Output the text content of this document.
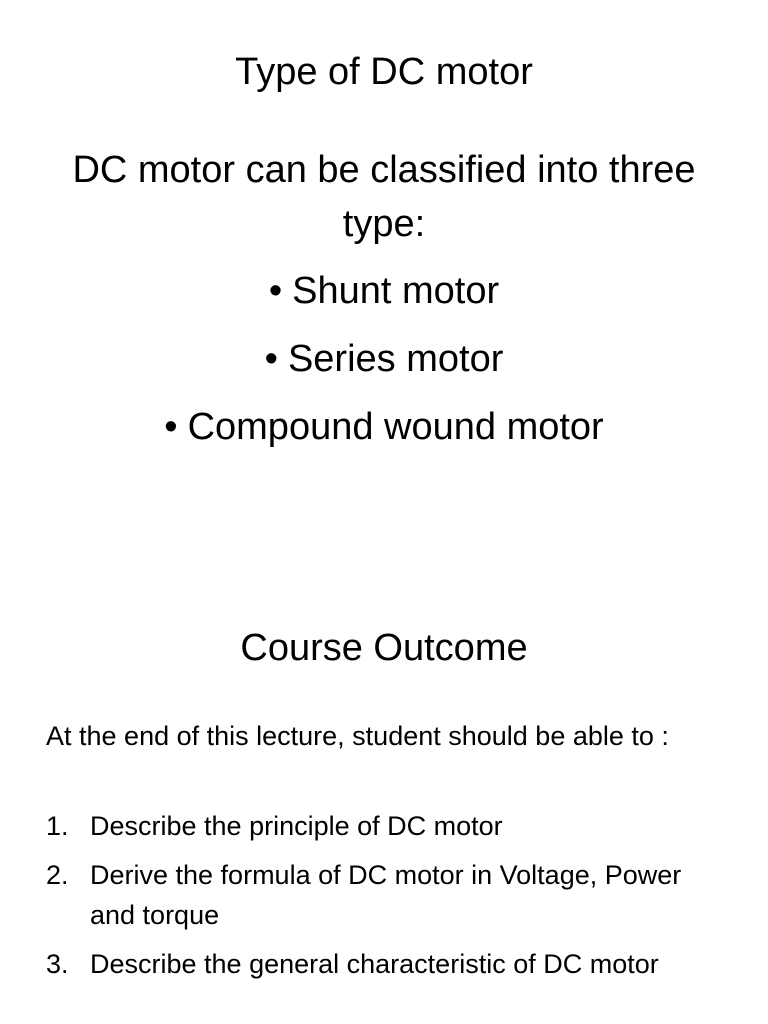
Type of DC motor
DC motor can be classified into three type:
• Shunt motor
• Series motor
• Compound wound motor
Course Outcome
At the end of this lecture, student should be able to :
1. Describe the principle of DC motor
2. Derive the formula of DC motor in Voltage, Power and torque
3. Describe the general characteristic of DC motor
